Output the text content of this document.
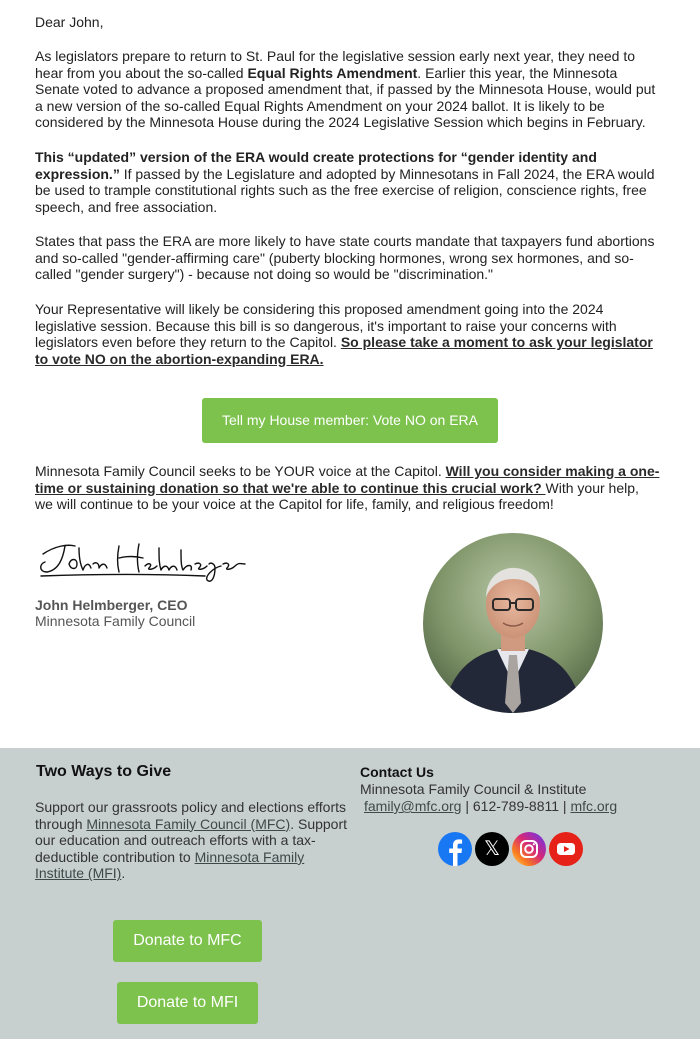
Dear John,
As legislators prepare to return to St. Paul for the legislative session early next year, they need to hear from you about the so-called Equal Rights Amendment. Earlier this year, the Minnesota Senate voted to advance a proposed amendment that, if passed by the Minnesota House, would put a new version of the so-called Equal Rights Amendment on your 2024 ballot. It is likely to be considered by the Minnesota House during the 2024 Legislative Session which begins in February.
This “updated” version of the ERA would create protections for “gender identity and expression.” If passed by the Legislature and adopted by Minnesotans in Fall 2024, the ERA would be used to trample constitutional rights such as the free exercise of religion, conscience rights, free speech, and free association.
States that pass the ERA are more likely to have state courts mandate that taxpayers fund abortions and so-called "gender-affirming care" (puberty blocking hormones, wrong sex hormones, and so-called "gender surgery") - because not doing so would be "discrimination."
Your Representative will likely be considering this proposed amendment going into the 2024 legislative session. Because this bill is so dangerous, it's important to raise your concerns with legislators even before they return to the Capitol. So please take a moment to ask your legislator to vote NO on the abortion-expanding ERA.
Tell my House member: Vote NO on ERA
Minnesota Family Council seeks to be YOUR voice at the Capitol. Will you consider making a one-time or sustaining donation so that we're able to continue this crucial work? With your help, we will continue to be your voice at the Capitol for life, family, and religious freedom!
John Helmberger, CEO
Minnesota Family Council
Two Ways to Give
Support our grassroots policy and elections efforts through Minnesota Family Council (MFC). Support our education and outreach efforts with a tax-deductible contribution to Minnesota Family Institute (MFI).
Contact Us
Minnesota Family Council & Institute
family@mfc.org | 612-789-8811 | mfc.org
𝕏
Donate to MFC
Donate to MFI
